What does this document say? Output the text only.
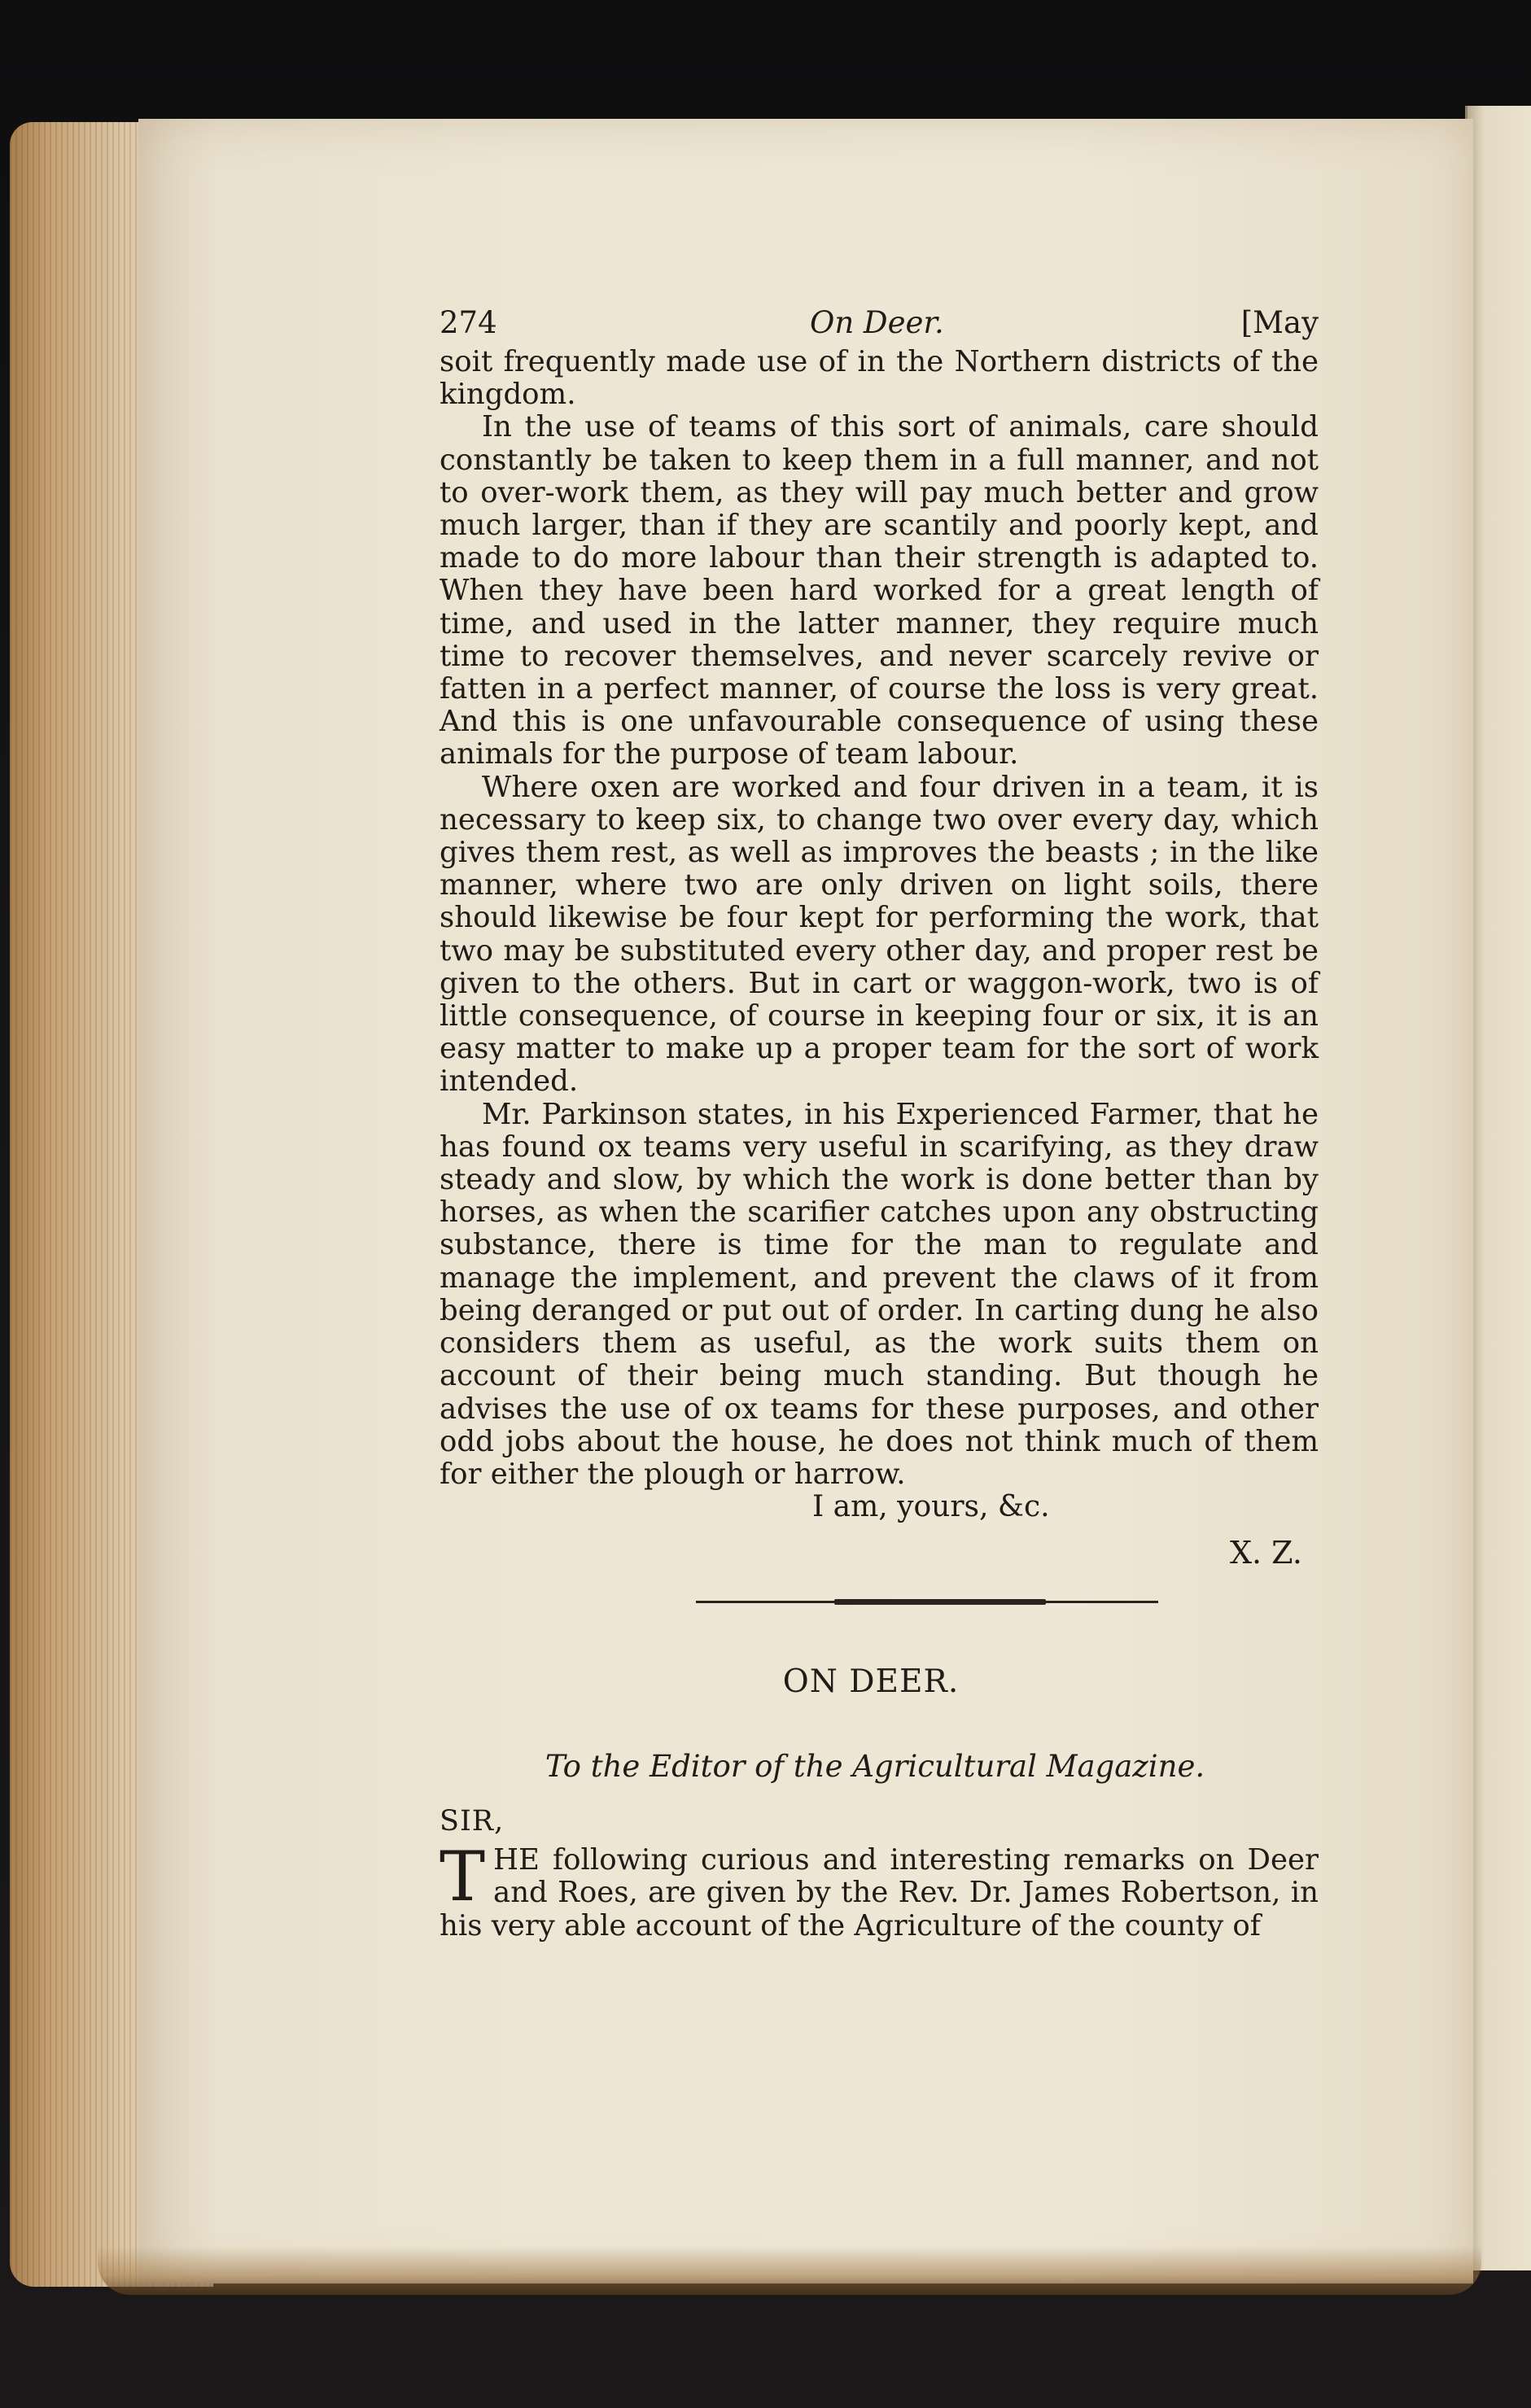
274	On Deer.	[May

soit frequently made use of in the Northern districts of the kingdom.

In the use of teams of this sort of animals, care should constantly be taken to keep them in a full manner, and not to over-work them, as they will pay much better and grow much larger, than if they are scantily and poorly kept, and made to do more labour than their strength is adapted to. When they have been hard worked for a great length of time, and used in the latter manner, they require much time to recover themselves, and never scarcely revive or fatten in a perfect manner, of course the loss is very great. And this is one unfavourable consequence of using these animals for the purpose of team labour.

Where oxen are worked and four driven in a team, it is necessary to keep six, to change two over every day, which gives them rest, as well as improves the beasts ; in the like manner, where two are only driven on light soils, there should likewise be four kept for performing the work, that two may be substituted every other day, and proper rest be given to the others. But in cart or waggon-work, two is of little consequence, of course in keeping four or six, it is an easy matter to make up a proper team for the sort of work intended.

Mr. Parkinson states, in his Experienced Farmer, that he has found ox teams very useful in scarifying, as they draw steady and slow, by which the work is done better than by horses, as when the scarifier catches upon any obstructing substance, there is time for the man to regulate and manage the implement, and prevent the claws of it from being deranged or put out of order. In carting dung he also considers them as useful, as the work suits them on account of their being much standing. But though he advises the use of ox teams for these purposes, and other odd jobs about the house, he does not think much of them for either the plough or harrow.

I am, yours, &c.
X. Z.
ON DEER.
To the Editor of the Agricultural Magazine.
SIR,
T HE following curious and interesting remarks on Deer and Roes, are given by the Rev. Dr. James Robertson, in his very able account of the Agriculture of the county of
